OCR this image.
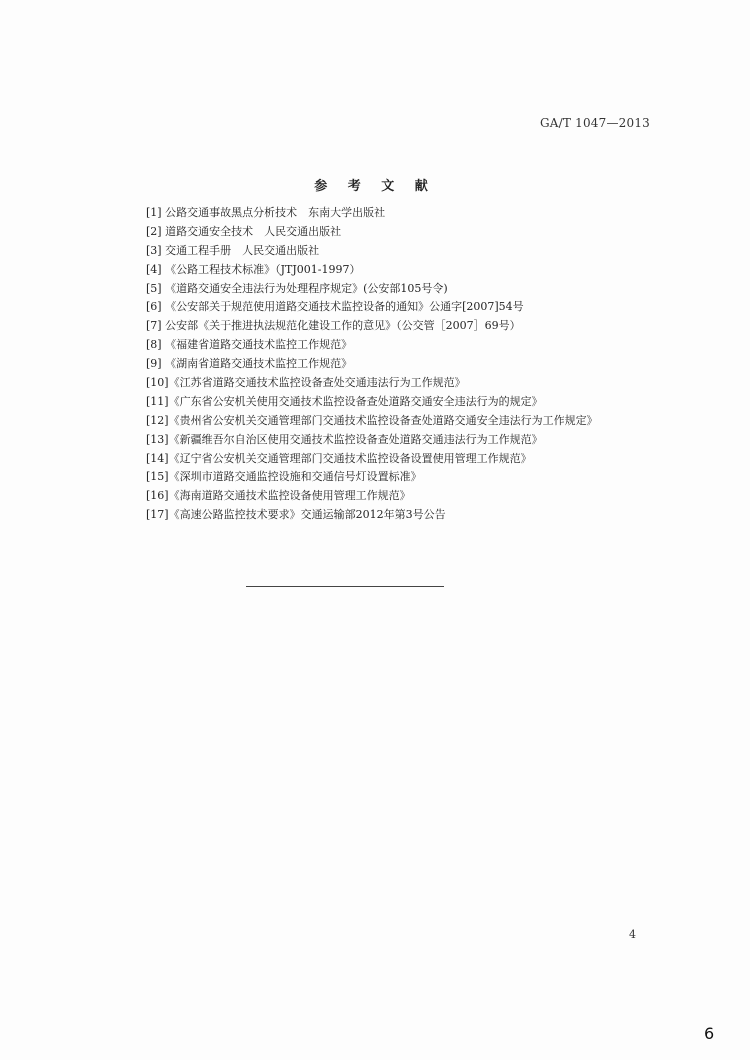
GA/T 1047—2013
参 考 文 献
[1] 公路交通事故黑点分析技术　东南大学出版社
[2] 道路交通安全技术　人民交通出版社
[3] 交通工程手册　人民交通出版社
[4] 《公路工程技术标准》（JTJ001-1997）
[5] 《道路交通安全违法行为处理程序规定》(公安部105号令)
[6] 《公安部关于规范使用道路交通技术监控设备的通知》公通字[2007]54号
[7] 公安部《关于推进执法规范化建设工作的意见》（公交管［2007］69号）
[8] 《福建省道路交通技术监控工作规范》
[9] 《湖南省道路交通技术监控工作规范》
[10]《江苏省道路交通技术监控设备查处交通违法行为工作规范》
[11]《广东省公安机关使用交通技术监控设备查处道路交通安全违法行为的规定》
[12]《贵州省公安机关交通管理部门交通技术监控设备查处道路交通安全违法行为工作规定》
[13]《新疆维吾尔自治区使用交通技术监控设备查处道路交通违法行为工作规范》
[14]《辽宁省公安机关交通管理部门交通技术监控设备设置使用管理工作规范》
[15]《深圳市道路交通监控设施和交通信号灯设置标准》
[16]《海南道路交通技术监控设备使用管理工作规范》
[17]《高速公路监控技术要求》交通运输部2012年第3号公告
4
6
